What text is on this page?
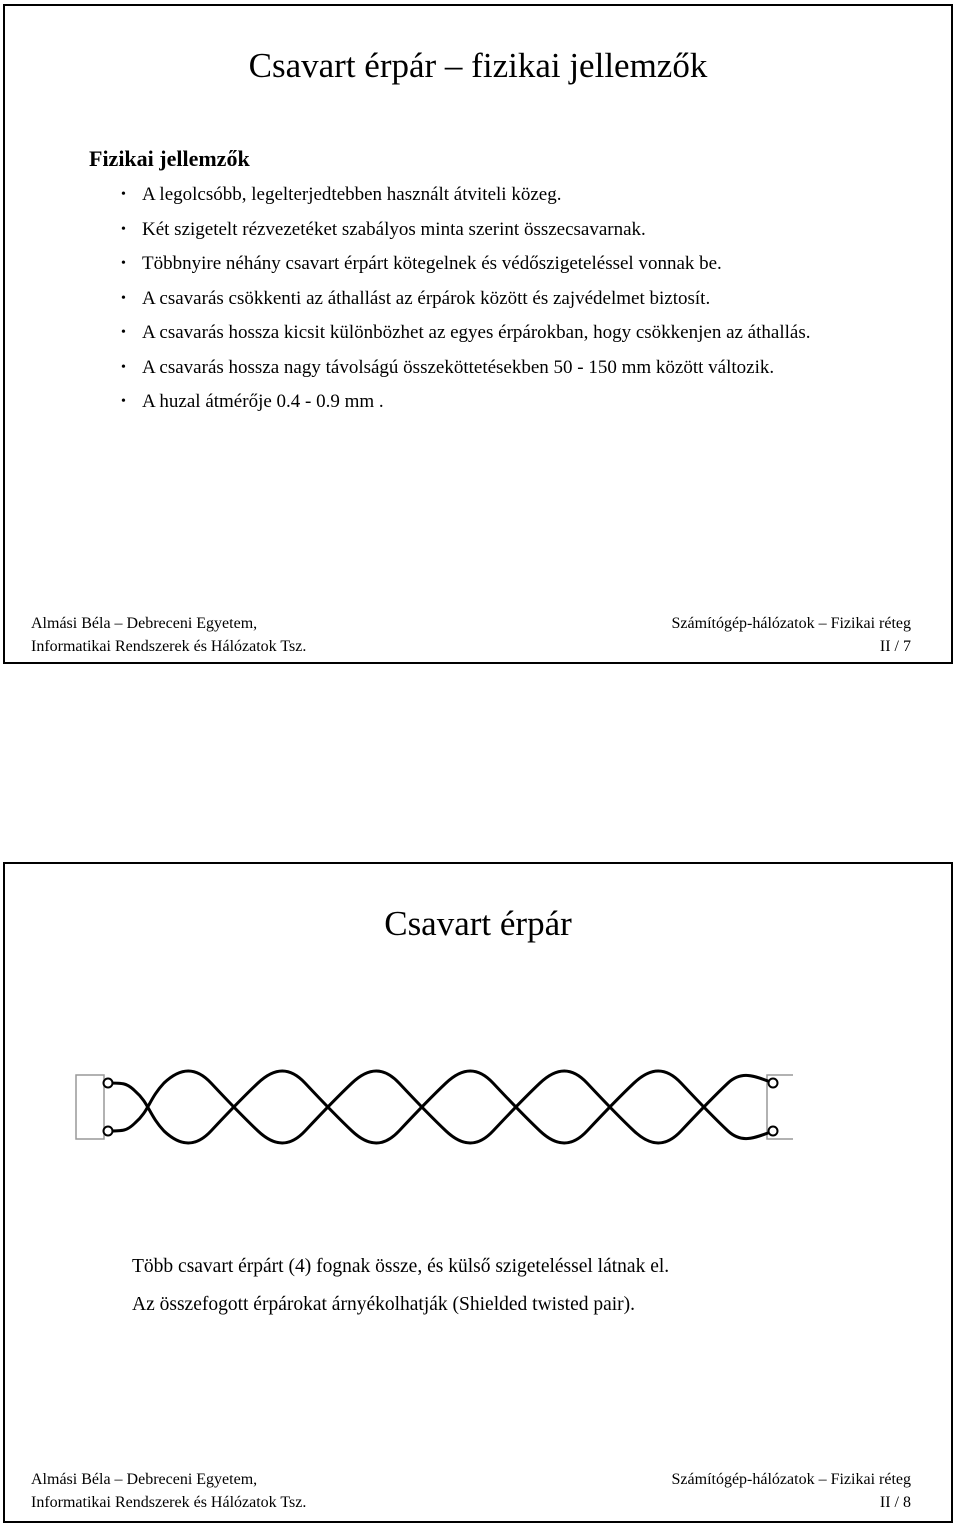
Csavart érpár – fizikai jellemzők
Fizikai jellemzők
• A legolcsóbb, legelterjedtebben használt átviteli közeg.
• Két szigetelt rézvezetéket szabályos minta szerint összecsavarnak.
• Többnyire néhány csavart érpárt kötegelnek és védőszigeteléssel vonnak be.
• A csavarás csökkenti az áthallást az érpárok között és zajvédelmet biztosít.
• A csavarás hossza kicsit különbözhet az egyes érpárokban, hogy csökkenjen az áthallás.
• A csavarás hossza nagy távolságú összeköttetésekben 50 - 150 mm között változik.
• A huzal átmérője 0.4 - 0.9 mm .
Almási Béla – Debreceni Egyetem,
Informatikai Rendszerek és Hálózatok Tsz.
Számítógép-hálózatok – Fizikai réteg
II / 7
Csavart érpár

Több csavart érpárt (4) fognak össze, és külső szigeteléssel látnak el.

Az összefogott érpárokat árnyékolhatják (Shielded twisted pair).

Almási Béla – Debreceni Egyetem,
Informatikai Rendszerek és Hálózatok Tsz.
Számítógép-hálózatok – Fizikai réteg
II / 8
